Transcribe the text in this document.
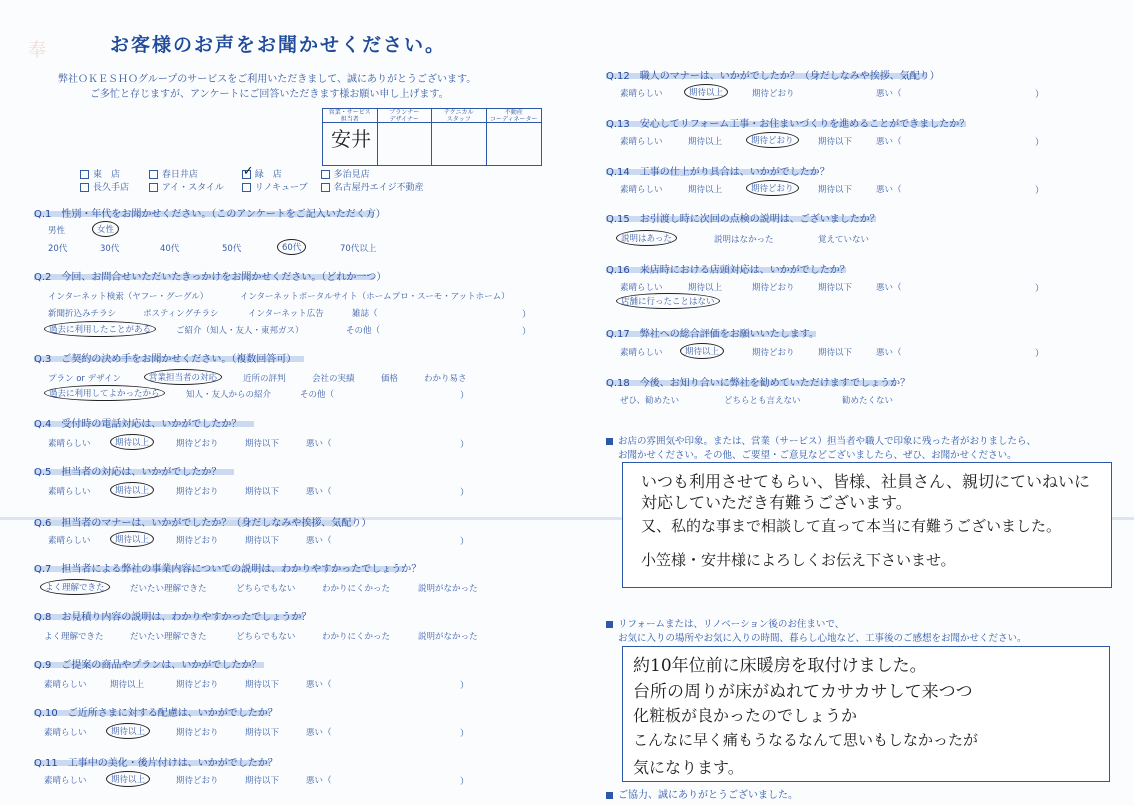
奉	お客様のお声をお聞かせください。
弊社ＯＫＥＳＨＯグループのサービスをご利用いただきまして、誠にありがとうございます。
ご多忙と存じますが、アンケートにご回答いただきます様お願い申し上げます。
営業・サービス
担当者
プランナー
デザイナー
テクニカル
スタッフ
不動産
コーディネーター
安井
東　店	春日井店	✓ 緑　店	多治見店
長久手店	アイ・スタイル	リノキューブ	名古屋丹エイジ不動産
Q.1　性別・年代をお聞かせください。（このアンケートをご記入いただく方）
男性	女性
20代	30代	40代	50代	60代	70代以上
Q.2　今回、お問合せいただいたきっかけをお聞かせください。（どれか一つ）
インターネット検索（ヤフー・グーグル）	インターネットポータルサイト（ホームプロ・スーモ・アットホーム）
新聞折込みチラシ	ポスティングチラシ	インターネット広告	雑誌（	）
過去に利用したことがある	ご紹介（知人・友人・東邦ガス）	その他（	）
Q.3　ご契約の決め手をお聞かせください。（複数回答可）
プラン or デザイン	営業担当者の対応	近所の評判	会社の実績	価格	わかり易さ
過去に利用してよかったから	知人・友人からの紹介	その他（	）
Q.4　受付時の電話対応は、いかがでしたか？
素晴らしい	期待以上	期待どおり	期待以下	悪い（	）
Q.5　担当者の対応は、いかがでしたか？
素晴らしい	期待以上	期待どおり	期待以下	悪い（	）
Q.6　担当者のマナーは、いかがでしたか？（身だしなみや挨拶、気配り）
素晴らしい	期待以上	期待どおり	期待以下	悪い（	）
Q.7　担当者による弊社の事業内容についての説明は、わかりやすかったでしょうか？
よく理解できた	だいたい理解できた	どちらでもない	わかりにくかった	説明がなかった
Q.8　お見積り内容の説明は、わかりやすかったでしょうか？
よく理解できた	だいたい理解できた	どちらでもない	わかりにくかった	説明がなかった
Q.9　ご提案の商品やプランは、いかがでしたか？
素晴らしい	期待以上	期待どおり	期待以下	悪い（	）
Q.10　ご近所さまに対する配慮は、いかがでしたか？
素晴らしい	期待以上	期待どおり	期待以下	悪い（	）
Q.11　工事中の美化・後片付けは、いかがでしたか？
素晴らしい	期待以上	期待どおり	期待以下	悪い（	）
Q.12　職人のマナーは、いかがでしたか？（身だしなみや挨拶、気配り）
素晴らしい	期待以上	期待どおり	悪い（	）
Q.13　安心してリフォーム工事・お住まいづくりを進めることができましたか？
素晴らしい	期待以上	期待どおり	期待以下	悪い（	）
Q.14　工事の仕上がり具合は、いかがでしたか？
素晴らしい	期待以上	期待どおり	期待以下	悪い（	）
Q.15　お引渡し時に次回の点検の説明は、ございましたか？
説明はあった	説明はなかった	覚えていない
Q.16　来店時における店頭対応は、いかがでしたか？
素晴らしい	期待以上	期待どおり	期待以下	悪い（	）
店舗に行ったことはない
Q.17　弊社への総合評価をお願いいたします。
素晴らしい	期待以上	期待どおり	期待以下	悪い（	）
Q.18　今後、お知り合いに弊社を勧めていただけますでしょうか？
ぜひ、勧めたい	どちらとも言えない	勧めたくない
お店の雰囲気や印象。または、営業（サービス）担当者や職人で印象に残った者がおりましたら、
お聞かせください。その他、ご要望・ご意見などございましたら、ぜひ、お聞かせください。
いつも利用させてもらい、皆様、社員さん、親切にていねいに
対応していただき有難うございます。
又、私的な事まで相談して直って本当に有難うございました。
小笠様・安井様によろしくお伝え下さいませ。
リフォームまたは、リノベーション後のお住まいで、
お気に入りの場所やお気に入りの時間、暮らし心地など、工事後のご感想をお聞かせください。
約10年位前に床暖房を取付けました。
台所の周りが床がぬれてカサカサして来つつ
化粧板が良かったのでしょうか
こんなに早く痛もうなるなんて思いもしなかったが
気になります。
ご協力、誠にありがとうございました。
